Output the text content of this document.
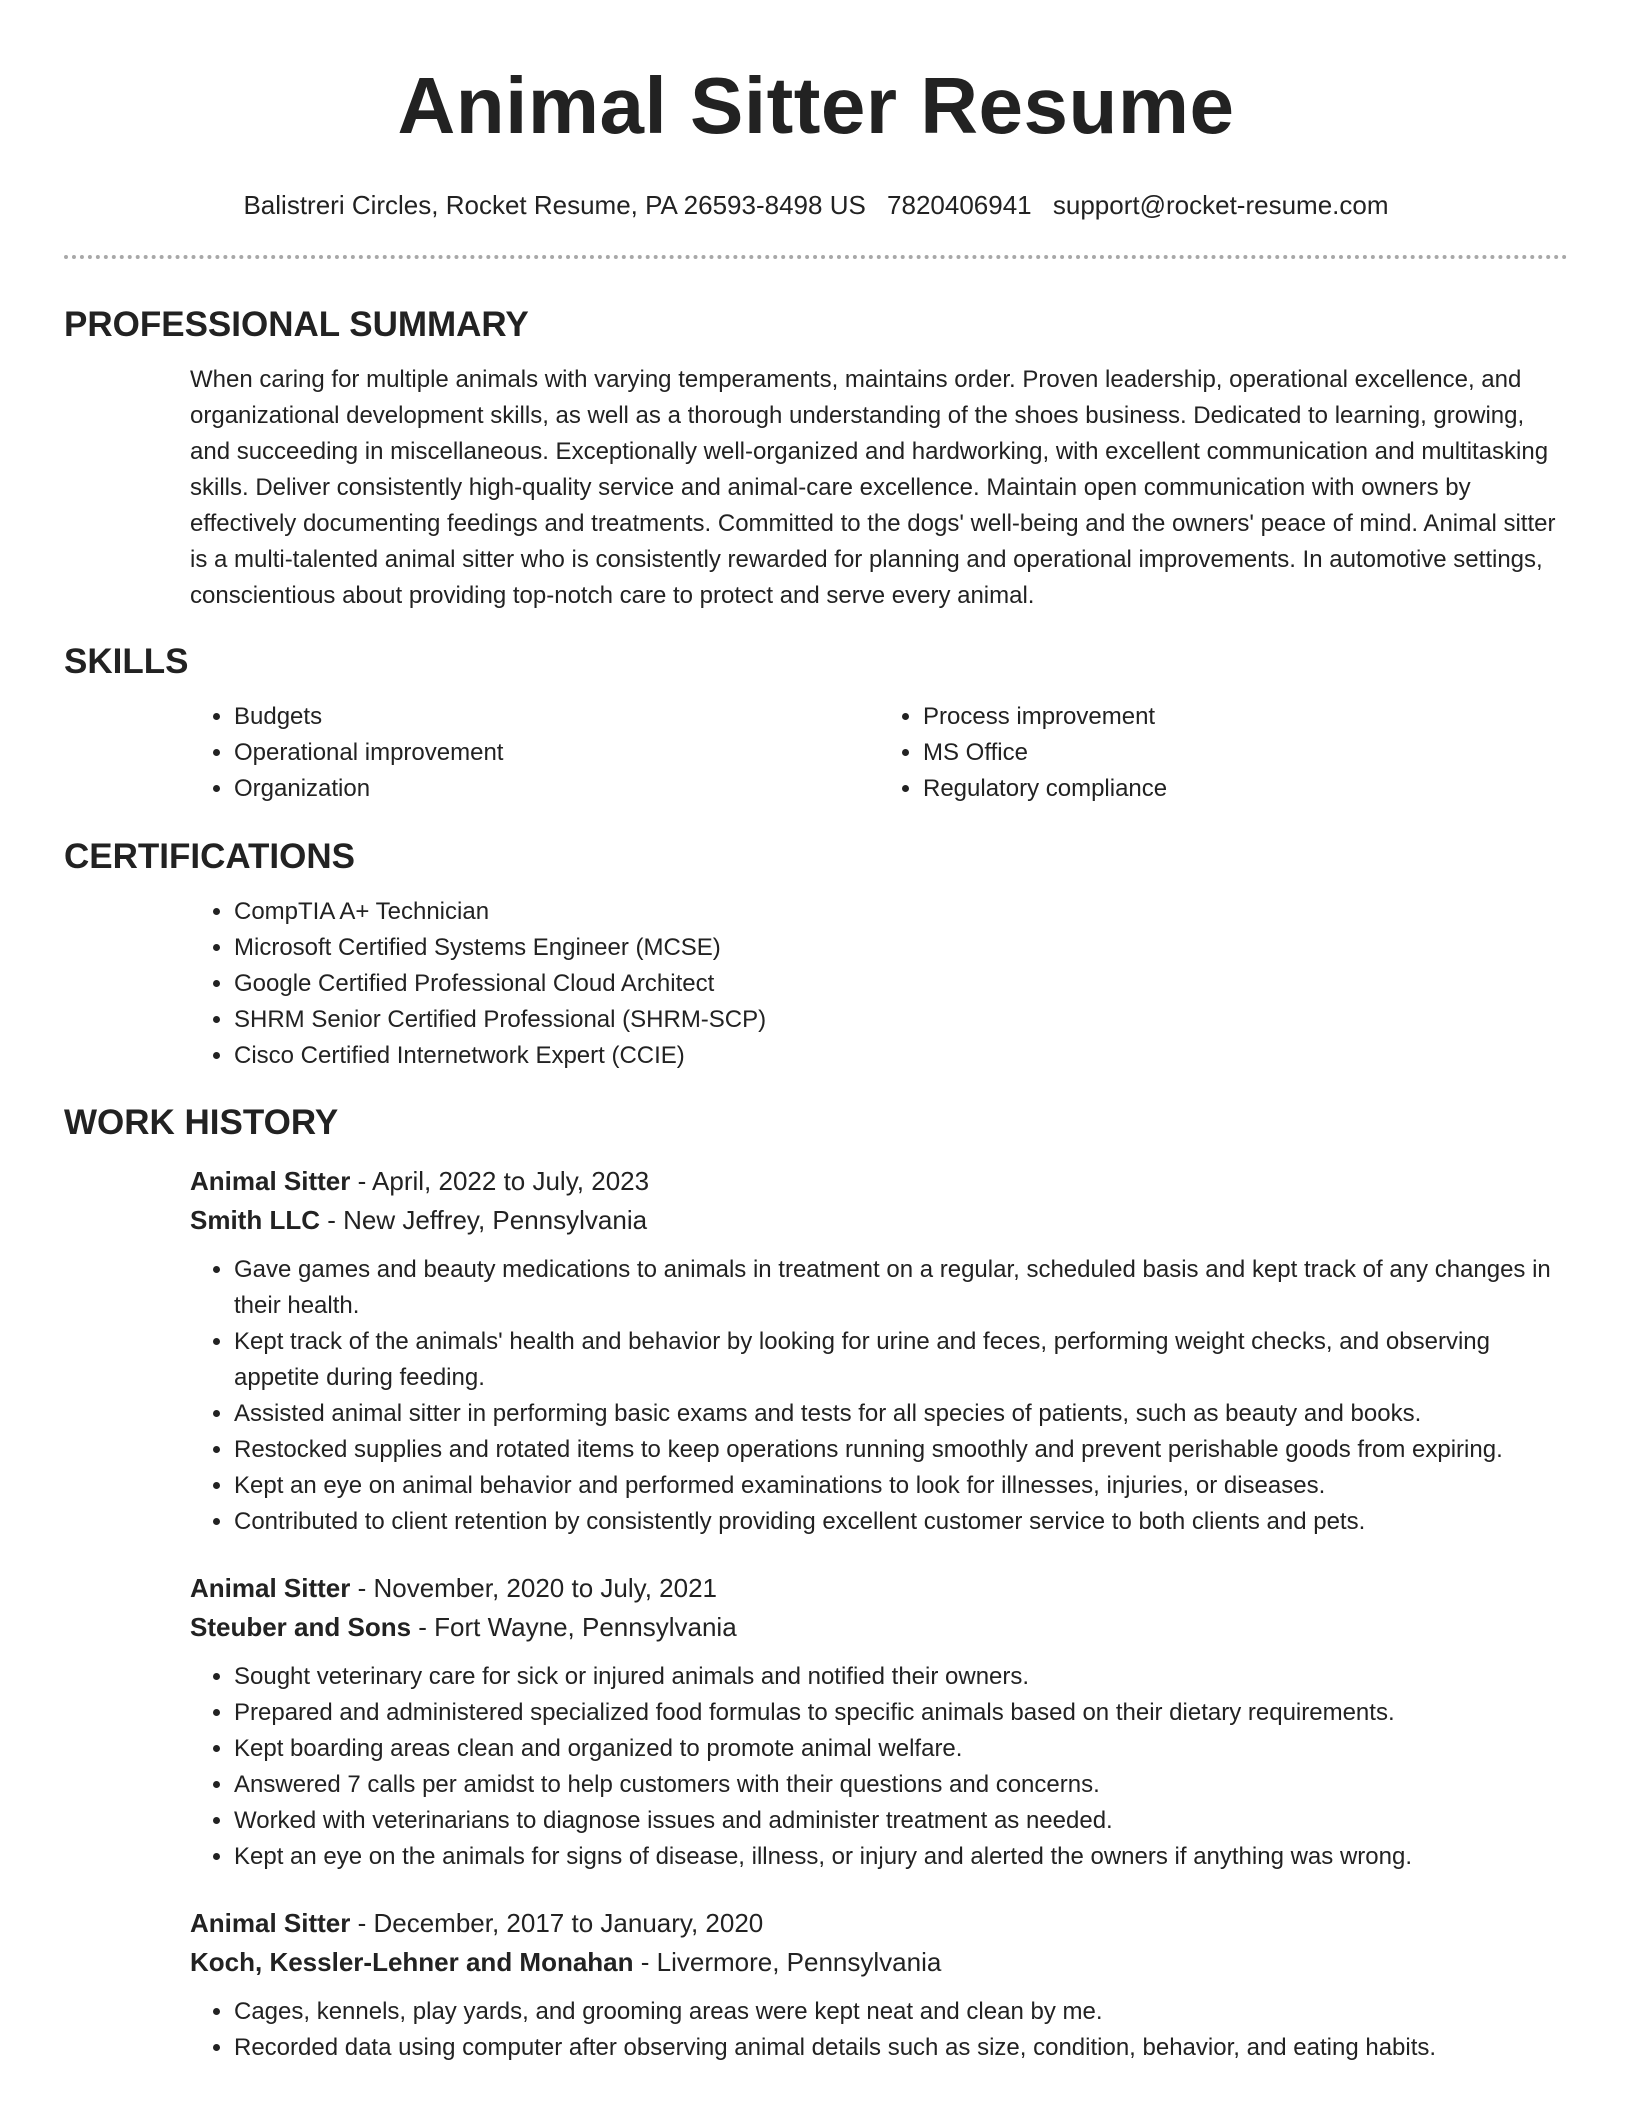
Animal Sitter Resume
Balistreri Circles, Rocket Resume, PA 26593-8498 US 7820406941 support@rocket-resume.com
PROFESSIONAL SUMMARY

When caring for multiple animals with varying temperaments, maintains order. Proven leadership, operational excellence, and organizational development skills, as well as a thorough understanding of the shoes business. Dedicated to learning, growing, and succeeding in miscellaneous. Exceptionally well-organized and hardworking, with excellent communication and multitasking skills. Deliver consistently high-quality service and animal-care excellence. Maintain open communication with owners by effectively documenting feedings and treatments. Committed to the dogs' well-being and the owners' peace of mind. Animal sitter is a multi-talented animal sitter who is consistently rewarded for planning and operational improvements. In automotive settings, conscientious about providing top-notch care to protect and serve every animal.

SKILLS
• Budgets
• Operational improvement
• Organization
• Process improvement
• MS Office
• Regulatory compliance
CERTIFICATIONS
• CompTIA A+ Technician
• Microsoft Certified Systems Engineer (MCSE)
• Google Certified Professional Cloud Architect
• SHRM Senior Certified Professional (SHRM-SCP)
• Cisco Certified Internetwork Expert (CCIE)
WORK HISTORY

Animal Sitter - April, 2022 to July, 2023

Smith LLC - New Jeffrey, Pennsylvania

• Gave games and beauty medications to animals in treatment on a regular, scheduled basis and kept track of any changes in their health.
• Kept track of the animals' health and behavior by looking for urine and feces, performing weight checks, and observing appetite during feeding.
• Assisted animal sitter in performing basic exams and tests for all species of patients, such as beauty and books.
• Restocked supplies and rotated items to keep operations running smoothly and prevent perishable goods from expiring.
• Kept an eye on animal behavior and performed examinations to look for illnesses, injuries, or diseases.
• Contributed to client retention by consistently providing excellent customer service to both clients and pets.

Animal Sitter - November, 2020 to July, 2021

Steuber and Sons - Fort Wayne, Pennsylvania

• Sought veterinary care for sick or injured animals and notified their owners.
• Prepared and administered specialized food formulas to specific animals based on their dietary requirements.
• Kept boarding areas clean and organized to promote animal welfare.
• Answered 7 calls per amidst to help customers with their questions and concerns.
• Worked with veterinarians to diagnose issues and administer treatment as needed.
• Kept an eye on the animals for signs of disease, illness, or injury and alerted the owners if anything was wrong.

Animal Sitter - December, 2017 to January, 2020

Koch, Kessler-Lehner and Monahan - Livermore, Pennsylvania

• Cages, kennels, play yards, and grooming areas were kept neat and clean by me.
• Recorded data using computer after observing animal details such as size, condition, behavior, and eating habits.
